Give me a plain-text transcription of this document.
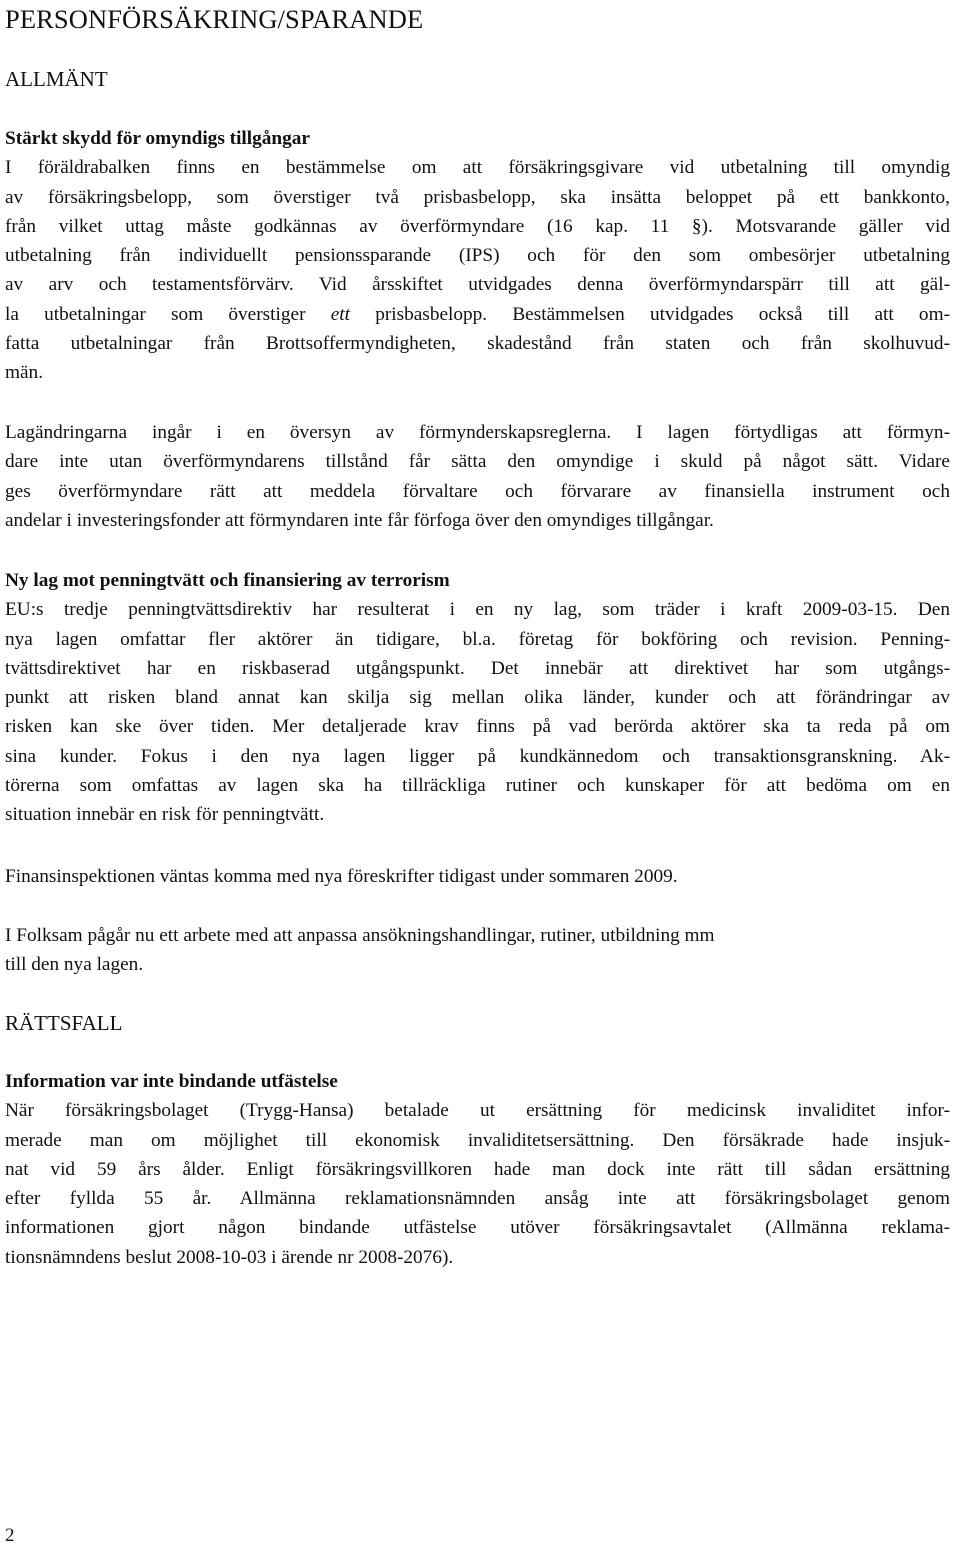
PERSONFÖRSÄKRING/SPARANDE
ALLMÄNT
Stärkt skydd för omyndigs tillgångar
I föräldrabalken finns en bestämmelse om att försäkringsgivare vid utbetalning till omyndig
av försäkringsbelopp, som överstiger två prisbasbelopp, ska insätta beloppet på ett bankkonto,
från vilket uttag måste godkännas av överförmyndare (16 kap. 11 §). Motsvarande gäller vid
utbetalning från individuellt pensionssparande (IPS) och för den som ombesörjer utbetalning
av arv och testamentsförvärv. Vid årsskiftet utvidgades denna överförmyndarspärr till att gäl-
la utbetalningar som överstiger ett prisbasbelopp. Bestämmelsen utvidgades också till att om-
fatta utbetalningar från Brottsoffermyndigheten, skadestånd från staten och från skolhuvud-
män.
Lagändringarna ingår i en översyn av förmynderskapsreglerna. I lagen förtydligas att förmyn-
dare inte utan överförmyndarens tillstånd får sätta den omyndige i skuld på något sätt. Vidare
ges överförmyndare rätt att meddela förvaltare och förvarare av finansiella instrument och
andelar i investeringsfonder att förmyndaren inte får förfoga över den omyndiges tillgångar.
Ny lag mot penningtvätt och finansiering av terrorism
EU:s tredje penningtvättsdirektiv har resulterat i en ny lag, som träder i kraft 2009-03-15. Den
nya lagen omfattar fler aktörer än tidigare, bl.a. företag för bokföring och revision. Penning-
tvättsdirektivet har en riskbaserad utgångspunkt. Det innebär att direktivet har som utgångs-
punkt att risken bland annat kan skilja sig mellan olika länder, kunder och att förändringar av
risken kan ske över tiden. Mer detaljerade krav finns på vad berörda aktörer ska ta reda på om
sina kunder. Fokus i den nya lagen ligger på kundkännedom och transaktionsgranskning. Ak-
törerna som omfattas av lagen ska ha tillräckliga rutiner och kunskaper för att bedöma om en
situation innebär en risk för penningtvätt.
Finansinspektionen väntas komma med nya föreskrifter tidigast under sommaren 2009.
I Folksam pågår nu ett arbete med att anpassa ansökningshandlingar, rutiner, utbildning mm
till den nya lagen.
RÄTTSFALL
Information var inte bindande utfästelse
När försäkringsbolaget (Trygg-Hansa) betalade ut ersättning för medicinsk invaliditet infor-
merade man om möjlighet till ekonomisk invaliditetsersättning. Den försäkrade hade insjuk-
nat vid 59 års ålder. Enligt försäkringsvillkoren hade man dock inte rätt till sådan ersättning
efter fyllda 55 år. Allmänna reklamationsnämnden ansåg inte att försäkringsbolaget genom
informationen gjort någon bindande utfästelse utöver försäkringsavtalet (Allmänna reklama-
tionsnämndens beslut 2008-10-03 i ärende nr 2008-2076).
2
